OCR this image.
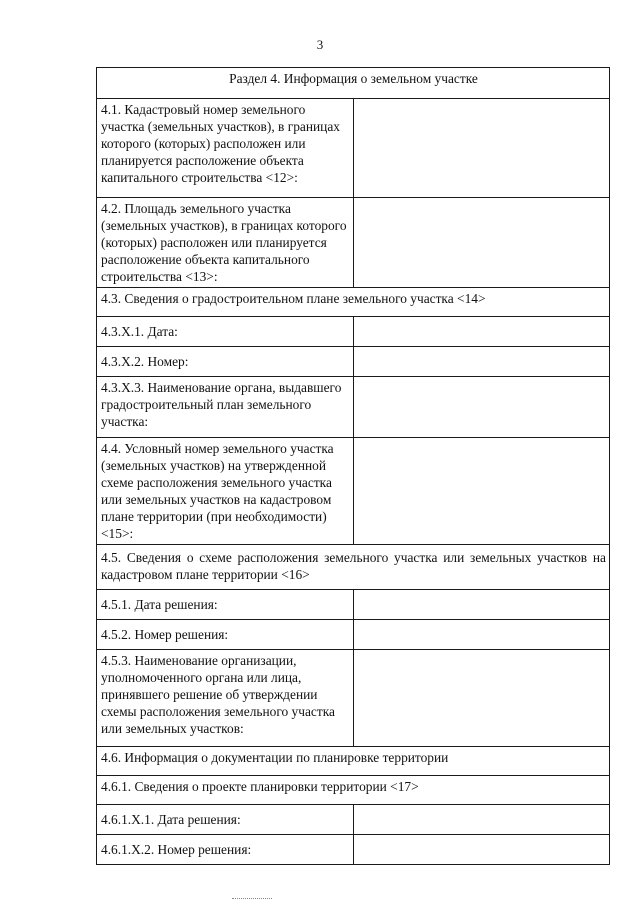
3
Раздел 4. Информация о земельном участке	
4.1. Кадастровый номер земельного участка (земельных участков), в границах которого (которых) расположен или планируется расположение объекта капитального строительства <12>:	
4.2. Площадь земельного участка (земельных участков), в границах которого (которых) расположен или планируется расположение объекта капитального строительства <13>:	
4.3. Сведения о градостроительном плане земельного участка <14>	
4.3.Х.1. Дата:	
4.3.Х.2. Номер:	
4.3.Х.3. Наименование органа, выдавшего градостроительный план земельного участка:	
4.4. Условный номер земельного участка (земельных участков) на утвержденной схеме расположения земельного участка или земельных участков на кадастровом плане территории (при необходимости) <15>:	
4.5. Сведения о схеме расположения земельного участка или земельных участков на кадастровом плане территории <16>	
4.5.1. Дата решения:	
4.5.2. Номер решения:	
4.5.3. Наименование организации, уполномоченного органа или лица, принявшего решение об утверждении схемы расположения земельного участка или земельных участков:	
4.6. Информация о документации по планировке территории	
4.6.1. Сведения о проекте планировки территории <17>	
4.6.1.Х.1. Дата решения:	
4.6.1.Х.2. Номер решения:	
